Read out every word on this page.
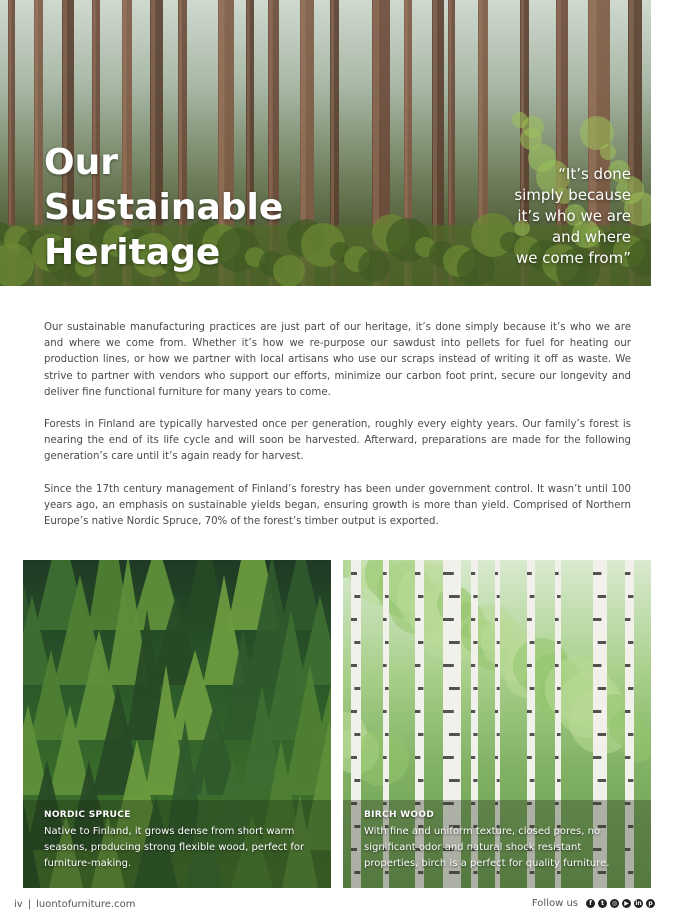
Our
Sustainable
Heritage
“It’s done
simply because
it’s who we are
and where
we come from”

Our sustainable manufacturing practices are just part of our heritage, it’s done simply because it’s who we are and where we come from. Whether it’s how we re-purpose our sawdust into pellets for fuel for heating our production lines, or how we partner with local artisans who use our scraps instead of writing it off as waste. We strive to partner with vendors who support our efforts, minimize our carbon foot print, secure our longevity and deliver fine functional furniture for many years to come.

Forests in Finland are typically harvested once per generation, roughly every eighty years. Our family’s forest is nearing the end of its life cycle and will soon be harvested. Afterward, preparations are made for the following generation’s care until it’s again ready for harvest.

Since the 17th century management of Finland’s forestry has been under government control. It wasn’t until 100 years ago, an emphasis on sustainable yields began, ensuring growth is more than yield. Comprised of Northern Europe’s native Nordic Spruce, 70% of the forest’s timber output is exported.

NORDIC SPRUCE
Native to Finland, it grows dense from short warm seasons, producing strong flexible wood, perfect for furniture-making.
BIRCH WOOD
With fine and uniform texture, closed pores, no significant odor and natural shock resistant properties, birch is a perfect for quality furniture.
iv | luontofurniture.com	Follow us	f	t	◎	▶	in	p
